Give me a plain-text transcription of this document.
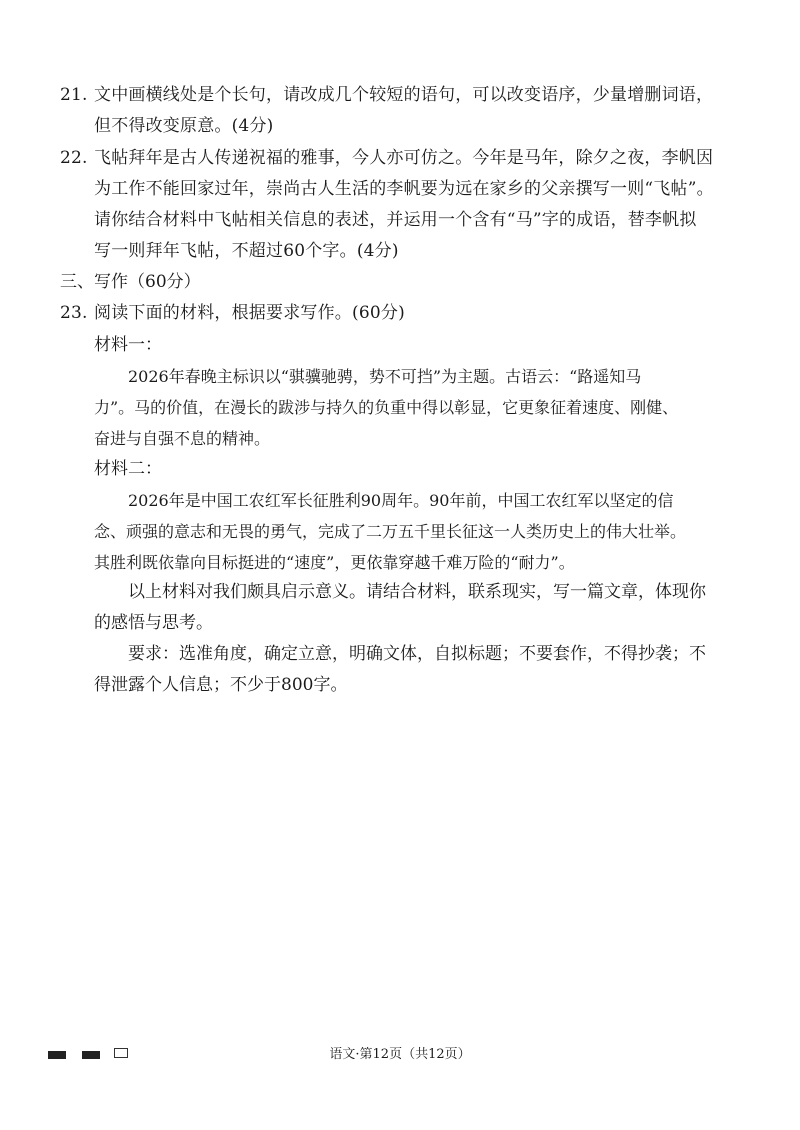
21. 文中画横线处是个长句，请改成几个较短的语句，可以改变语序，少量增删词语，
但不得改变原意。(4分)
22. 飞帖拜年是古人传递祝福的雅事，今人亦可仿之。今年是马年，除夕之夜，李帆因
为工作不能回家过年，崇尚古人生活的李帆要为远在家乡的父亲撰写一则“飞帖”。
请你结合材料中飞帖相关信息的表述，并运用一个含有“马”字的成语，替李帆拟
写一则拜年飞帖，不超过60个字。(4分)
三、写作（60分）
23. 阅读下面的材料，根据要求写作。(60分)
材料一：
2026年春晚主标识以“骐骥驰骋，势不可挡”为主题。古语云：“路遥知马
力”。马的价值，在漫长的跋涉与持久的负重中得以彰显，它更象征着速度、刚健、
奋进与自强不息的精神。
材料二：
2026年是中国工农红军长征胜利90周年。90年前，中国工农红军以坚定的信
念、顽强的意志和无畏的勇气，完成了二万五千里长征这一人类历史上的伟大壮举。
其胜利既依靠向目标挺进的“速度”，更依靠穿越千难万险的“耐力”。
以上材料对我们颇具启示意义。请结合材料，联系现实，写一篇文章，体现你
的感悟与思考。
要求：选准角度，确定立意，明确文体，自拟标题；不要套作，不得抄袭；不
得泄露个人信息；不少于800字。
语文·第12页（共12页）
